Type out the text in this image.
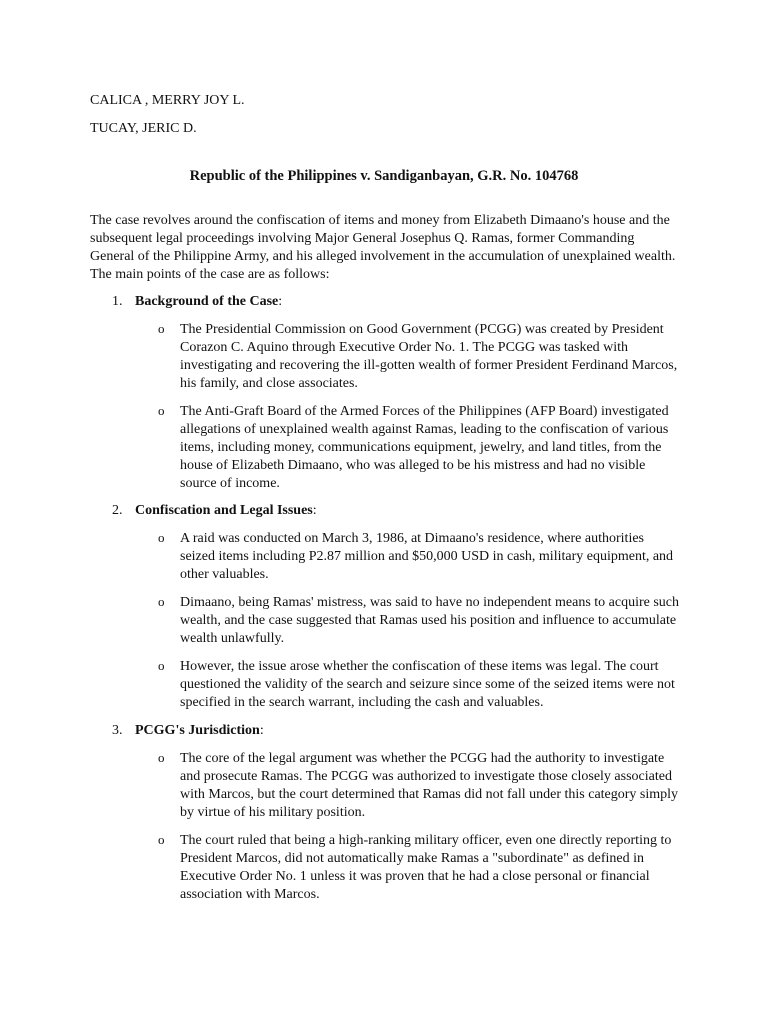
CALICA , MERRY JOY L.

TUCAY, JERIC D.

Republic of the Philippines v. Sandiganbayan, G.R. No. 104768

The case revolves around the confiscation of items and money from Elizabeth Dimaano's house and the subsequent legal proceedings involving Major General Josephus Q. Ramas, former Commanding General of the Philippine Army, and his alleged involvement in the accumulation of unexplained wealth. The main points of the case are as follows:

1. Background of the Case:
o The Presidential Commission on Good Government (PCGG) was created by President Corazon C. Aquino through Executive Order No. 1. The PCGG was tasked with investigating and recovering the ill-gotten wealth of former President Ferdinand Marcos, his family, and close associates.
o The Anti-Graft Board of the Armed Forces of the Philippines (AFP Board) investigated allegations of unexplained wealth against Ramas, leading to the confiscation of various items, including money, communications equipment, jewelry, and land titles, from the house of Elizabeth Dimaano, who was alleged to be his mistress and had no visible source of income.
2. Confiscation and Legal Issues:
o A raid was conducted on March 3, 1986, at Dimaano's residence, where authorities seized items including P2.87 million and $50,000 USD in cash, military equipment, and other valuables.
o Dimaano, being Ramas' mistress, was said to have no independent means to acquire such wealth, and the case suggested that Ramas used his position and influence to accumulate wealth unlawfully.
o However, the issue arose whether the confiscation of these items was legal. The court questioned the validity of the search and seizure since some of the seized items were not specified in the search warrant, including the cash and valuables.
3. PCGG's Jurisdiction:
o The core of the legal argument was whether the PCGG had the authority to investigate and prosecute Ramas. The PCGG was authorized to investigate those closely associated with Marcos, but the court determined that Ramas did not fall under this category simply by virtue of his military position.
o The court ruled that being a high-ranking military officer, even one directly reporting to President Marcos, did not automatically make Ramas a "subordinate" as defined in Executive Order No. 1 unless it was proven that he had a close personal or financial association with Marcos.
